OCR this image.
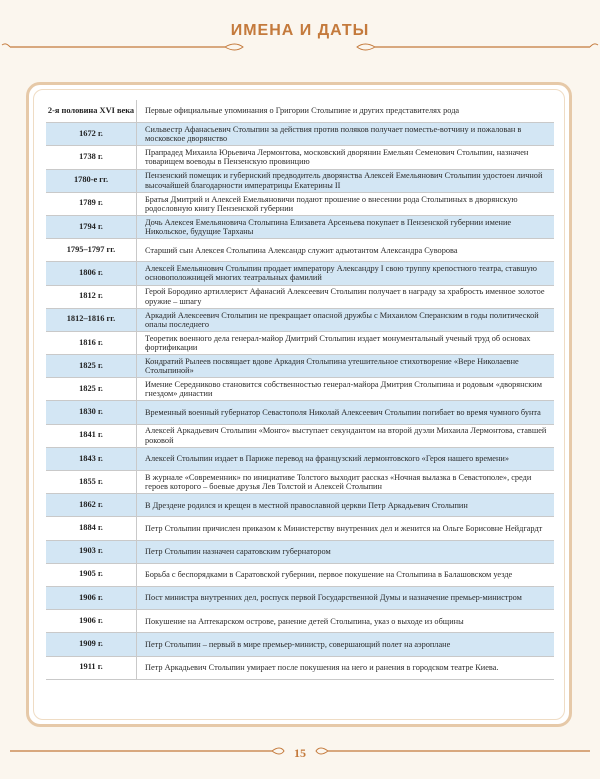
ИМЕНА И ДАТЫ
2-я половина XVI века	Первые официальные упоминания о Григории Столыпине и других представителях рода
1672 г.	Сильвестр Афанасьевич Столыпин за действия против поляков получает поместье-вотчину и пожалован в московское дворянство
1738 г.	Прапрадед Михаила Юрьевича Лермонтова, московский дворянин Емельян Семенович Столыпин, назначен товарищем воеводы в Пензенскую провинцию
1780-е гг.	Пензенский помещик и губернский предводитель дворянства Алексей Емельянович Столыпин удостоен личной высочайшей благодарности императрицы Екатерины II
1789 г.	Братья Дмитрий и Алексей Емельяновичи подают прошение о внесении рода Столыпиных в дворянскую родословную книгу Пензенской губернии
1794 г.	Дочь Алексея Емельяновича Столыпина Елизавета Арсеньева покупает в Пензенской губернии имение Никольское, будущие Тарханы
1795–1797 гг.	Старший сын Алексея Столыпина Александр служит адъютантом Александра Суворова
1806 г.	Алексей Емельянович Столыпин продает императору Александру I свою труппу крепостного театра, ставшую основоположницей многих театральных фамилий
1812 г.	Герой Бородино артиллерист Афанасий Алексеевич Столыпин получает в награду за храбрость именное золотое оружие – шпагу
1812–1816 гг.	Аркадий Алексеевич Столыпин не прекращает опасной дружбы с Михаилом Сперанским в годы политической опалы последнего
1816 г.	Теоретик военного дела генерал-майор Дмитрий Столыпин издает монументальный ученый труд об основах фортификации
1825 г.	Кондратий Рылеев посвящает вдове Аркадия Столыпина утешительное стихотворение «Вере Николаевне Столыпиной»
1825 г.	Имение Середниково становится собственностью генерал-майора Дмитрия Столыпина и родовым «дворянским гнездом» династии
1830 г.	Временный военный губернатор Севастополя Николай Алексеевич Столыпин погибает во время чумного бунта
1841 г.	Алексей Аркадьевич Столыпин «Монго» выступает секундантом на второй дуэли Михаила Лермонтова, ставшей роковой
1843 г.	Алексей Столыпин издает в Париже перевод на французский лермонтовского «Героя нашего времени»
1855 г.	В журнале «Современник» по инициативе Толстого выходит рассказ «Ночная вылазка в Севастополе», среди героев которого – боевые друзья Лев Толстой и Алексей Столыпин
1862 г.	В Дрездене родился и крещен в местной православной церкви Петр Аркадьевич Столыпин
1884 г.	Петр Столыпин причислен приказом к Министерству внутренних дел и женится на Ольге Борисовне Нейдгардт
1903 г.	Петр Столыпин назначен саратовским губернатором
1905 г.	Борьба с беспорядками в Саратовской губернии, первое покушение на Столыпина в Балашовском уезде
1906 г.	Пост министра внутренних дел, роспуск первой Государственной Думы и назначение премьер-министром
1906 г.	Покушение на Аптекарском острове, ранение детей Столыпина, указ о выходе из общины
1909 г.	Петр Столыпин – первый в мире премьер-министр, совершающий полет на аэроплане
1911 г.	Петр Аркадьевич Столыпин умирает после покушения на него и ранения в городском театре Киева.
15
